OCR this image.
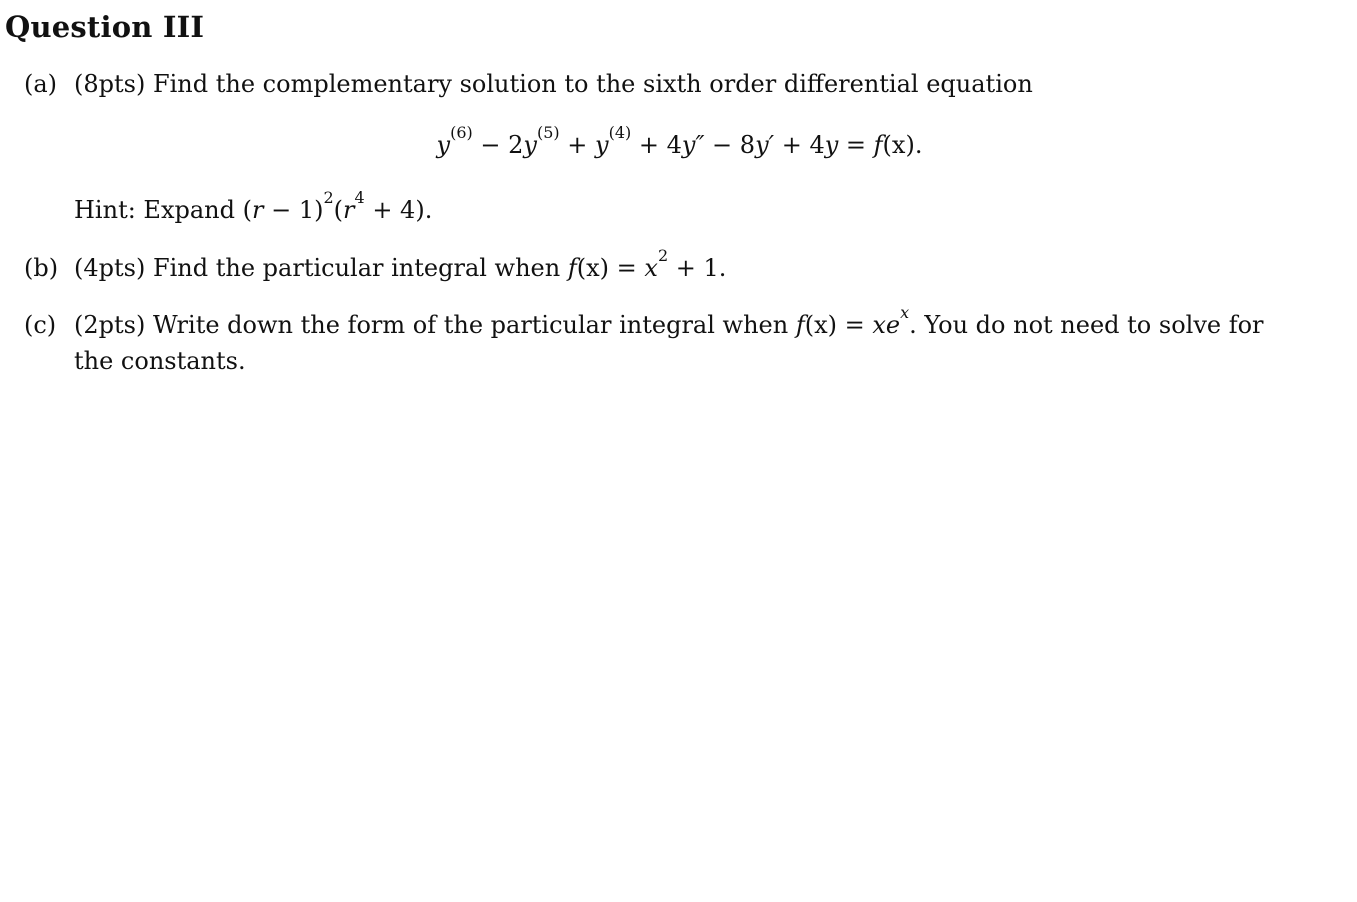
Question III
(a) (8pts) Find the complementary solution to the sixth order differential equation
$y^{(6)} - 2y^{(5)} + y^{(4)} + 4y'' - 8y' + 4y = f(x)$.
Hint: Expand $(r - 1)^2(r^4 + 4)$.
(b) (4pts) Find the particular integral when $f(x) = x^2 + 1$.
(c) (2pts) Write down the form of the particular integral when $f(x) = xe^x$. You do not need to solve for
the constants.
